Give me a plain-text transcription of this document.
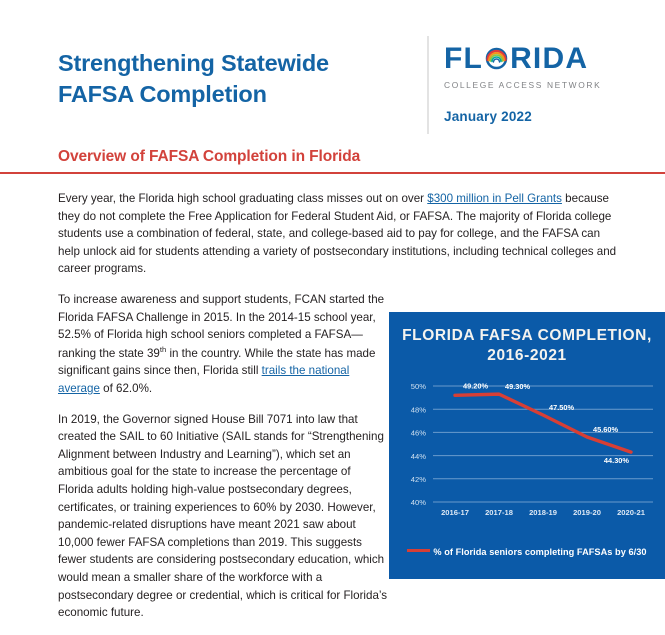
Strengthening Statewide
FAFSA Completion
FL RIDA
COLLEGE ACCESS NETWORK
January 2022
Overview of FAFSA Completion in Florida

Every year, the Florida high school graduating class misses out on over $300 million in Pell Grants because they do not complete the Free Application for Federal Student Aid, or FAFSA. The majority of Florida college students use a combination of federal, state, and college-based aid to pay for college, and the FAFSA can help unlock aid for students attending a variety of postsecondary institutions, including technical colleges and career programs.

To increase awareness and support students, FCAN started the Florida FAFSA Challenge in 2015. In the 2014-15 school year, 52.5% of Florida high school seniors completed a FAFSA—ranking the state 39th in the country. While the state has made significant gains since then, Florida still trails the national average of 62.0%.

In 2019, the Governor signed House Bill 7071 into law that created the SAIL to 60 Initiative (SAIL stands for “Strengthening Alignment between Industry and Learning”), which set an ambitious goal for the state to increase the percentage of Florida adults holding high-value postsecondary degrees, certificates, or training experiences to 60% by 2030. However, pandemic-related disruptions have meant 2021 saw about 10,000 fewer FAFSA completions than 2019. This suggests fewer students are considering postsecondary education, which would mean a smaller share of the workforce with a postsecondary degree or credential, which is critical for Florida’s economic future.

FLORIDA FAFSA COMPLETION,
2016-2021
40%
42%
44%
46%
48%
50%
2016-17 2017-18 2018-19 2019-20 2020-21
49.20% 49.30%
47.50%
45.60%
44.30%
% of Florida seniors completing FAFSAs by 6/30
